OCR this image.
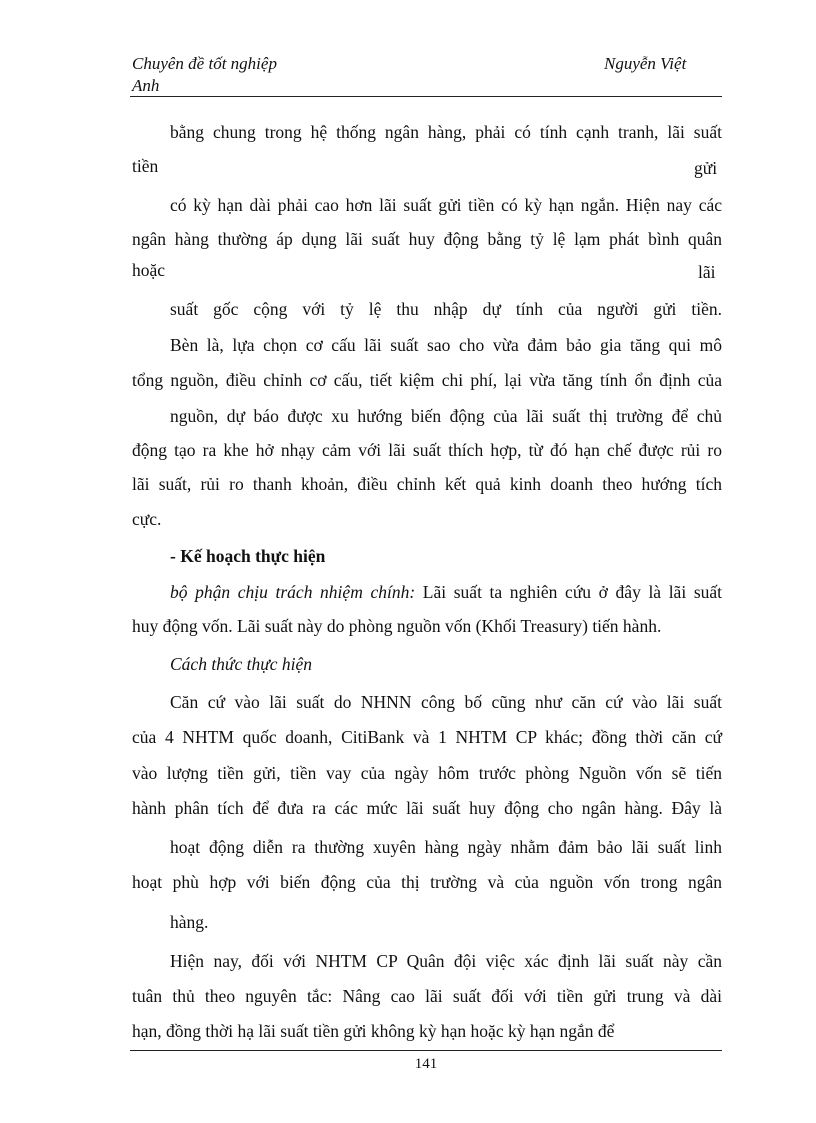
Chuyên đề tốt nghiệp
Anh
Nguyễn Việt
bằng chung trong hệ thống ngân hàng, phải có tính cạnh tranh, lãi suất
tiền	gửi
có kỳ hạn dài phải cao hơn lãi suất gửi tiền có kỳ hạn ngắn. Hiện nay các
ngân hàng thường áp dụng lãi suất huy động bằng tỷ lệ lạm phát bình quân
hoặc	lãi
suất gốc cộng với tỷ lệ thu nhập dự tính của người gửi tiền.
Bèn là, lựa chọn cơ cấu lãi suất sao cho vừa đảm bảo gia tăng qui mô
tổng nguồn, điều chỉnh cơ cấu, tiết kiệm chi phí, lại vừa tăng tính ổn định của
nguồn, dự báo được xu hướng biến động của lãi suất thị trường để chủ
động tạo ra khe hở nhạy cảm với lãi suất thích hợp, từ đó hạn chế được rủi ro
lãi suất, rủi ro thanh khoản, điều chỉnh kết quả kinh doanh theo hướng tích
cực.
- Kế hoạch thực hiện
bộ phận chịu trách nhiệm chính: Lãi suất ta nghiên cứu ở đây là lãi suất
huy động vốn. Lãi suất này do phòng nguồn vốn (Khối Treasury) tiến hành.
Cách thức thực hiện
Căn cứ vào lãi suất do NHNN công bố cũng như căn cứ vào lãi suất
của 4 NHTM quốc doanh, CitiBank và 1 NHTM CP khác; đồng thời căn cứ
vào lượng tiền gửi, tiền vay của ngày hôm trước phòng Nguồn vốn sẽ tiến
hành phân tích để đưa ra các mức lãi suất huy động cho ngân hàng. Đây là
hoạt động diễn ra thường xuyên hàng ngày nhằm đảm bảo lãi suất linh
hoạt phù hợp với biến động của thị trường và của nguồn vốn trong ngân
hàng.
Hiện nay, đối với NHTM CP Quân đội việc xác định lãi suất này cần
tuân thủ theo nguyên tắc: Nâng cao lãi suất đối với tiền gửi trung và dài
hạn, đồng thời hạ lãi suất tiền gửi không kỳ hạn hoặc kỳ hạn ngắn để
141
